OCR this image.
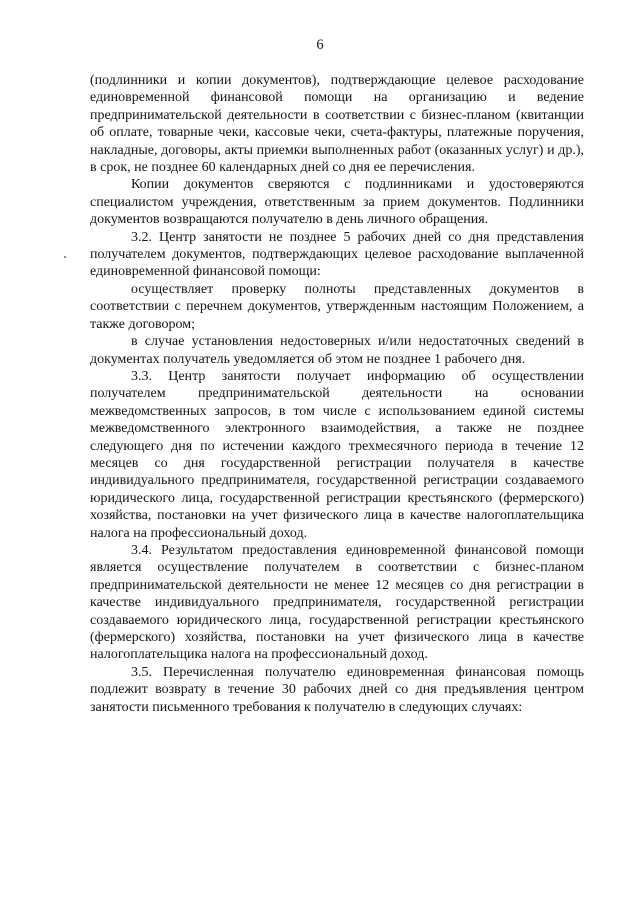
6

(подлинники и копии документов), подтверждающие целевое расходование единовременной финансовой помощи на организацию и ведение предпринимательской деятельности в соответствии с бизнес-планом (квитанции об оплате, товарные чеки, кассовые чеки, счета-фактуры, платежные поручения, накладные, договоры, акты приемки выполненных работ (оказанных услуг) и др.), в срок, не позднее 60 календарных дней со дня ее перечисления.

Копии документов сверяются с подлинниками и удостоверяются специалистом учреждения, ответственным за прием документов. Подлинники документов возвращаются получателю в день личного обращения.

3.2. Центр занятости не позднее 5 рабочих дней со дня представления получателем документов, подтверждающих целевое расходование выплаченной единовременной финансовой помощи:

осуществляет проверку полноты представленных документов в соответствии с перечнем документов, утвержденным настоящим Положением, а также договором;

в случае установления недостоверных и/или недостаточных сведений в документах получатель уведомляется об этом не позднее 1 рабочего дня.

3.3. Центр занятости получает информацию об осуществлении получателем предпринимательской деятельности на основании межведомственных запросов, в том числе с использованием единой системы межведомственного электронного взаимодействия, а также не позднее следующего дня по истечении каждого трехмесячного периода в течение 12 месяцев со дня государственной регистрации получателя в качестве индивидуального предпринимателя, государственной регистрации создаваемого юридического лица, государственной регистрации крестьянского (фермерского) хозяйства, постановки на учет физического лица в качестве налогоплательщика налога на профессиональный доход.

3.4. Результатом предоставления единовременной финансовой помощи является осуществление получателем в соответствии с бизнес-планом предпринимательской деятельности не менее 12 месяцев со дня регистрации в качестве индивидуального предпринимателя, государственной регистрации создаваемого юридического лица, государственной регистрации крестьянского (фермерского) хозяйства, постановки на учет физического лица в качестве налогоплательщика налога на профессиональный доход.

3.5. Перечисленная получателю единовременная финансовая помощь подлежит возврату в течение 30 рабочих дней со дня предъявления центром занятости письменного требования к получателю в следующих случаях:
